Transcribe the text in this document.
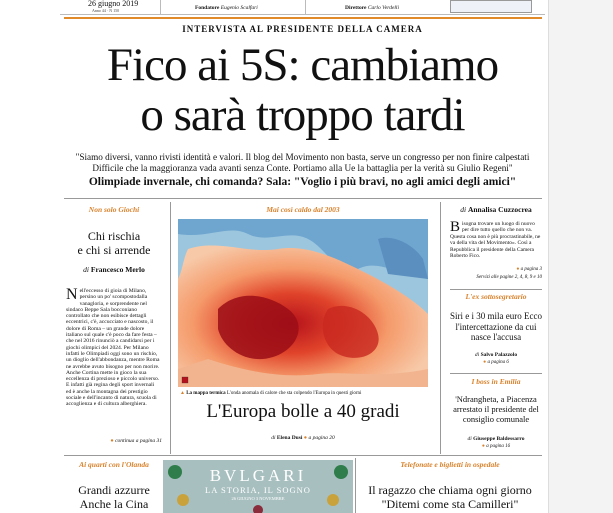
26 giugno 2019
Anno 44 · N 150	Fondatore Eugenio Scalfari	Direttore Carlo Verdelli
INTERVISTA AL PRESIDENTE DELLA CAMERA
Fico ai 5S: cambiamo
o sarà troppo tardi
"Siamo diversi, vanno rivisti identità e valori. Il blog del Movimento non basta, serve un congresso per non finire calpestati
Difficile che la maggioranza vada avanti senza Conte. Portiamo alla Ue la battaglia per la verità su Giulio Regeni"
Olimpiade invernale, chi comanda? Sala: "Voglio i più bravi, no agli amici degli amici"
Non solo Giochi
Chi rischia
e chi si arrende
di Francesco Merlo
Nell'eccesso di gioia di Milano, persino un po' scompostodalla vanagloria, e sorprendente nel sindaco Beppe Sala bocconiano controllato che non esibisce dettagli eccentrici, c'è, accucciato e nascosto, il dolore di Roma – un grande dolore italiano sul quale c'è poco da fare festa – che nel 2016 rinunciò a candidarsi per i giochi olimpici del 2024. Per Milano infatti le Olimpiadi oggi sono un rischio, un dioglio dell'abbondanza, mentre Roma ne avrebbe avuto bisogno per non morire. Anche Cortina mette in gioco la sua eccellenza di prezioso e piccolo universo. E infatti già regina degli sport invernali ed è anche la montagna dei prestigio sociale e dell'incanto di natura, scuola di accoglienza e di cultura alberghiera.
● continua a pagina 31
Mai così caldo dal 2003
▲ La mappa termica L'onda anomala di calore che sta colpendo l'Europa in questi giorni
L'Europa bolle a 40 gradi
di Elena Dusi ● a pagina 20
di Annalisa Cuzzocrea
Bisogna trovare un luogo di nuovo per dire tutto quello che non va. Questa cosa non è più procrastinabile, ne va della vita del Movimento». Così a Repubblica il presidente della Camera Roberto Fico.
● a pagina 3
Servizi alle pagine 2, 4, 8, 9 e 10
L'ex sottosegretario
Siri e i 30 mila euro Ecco l'intercettazione da cui nasce l'accusa
di Salvo Palazzolo
● a pagina 6
I boss in Emilia
'Ndrangheta, a Piacenza arrestato il presidente del consiglio comunale
di Giuseppe Baldessarro
● a pagina 16
Ai quarti con l'Olanda
Grandi azzurre
Anche la Cina
BVLGARI
LA STORIA, IL SOGNO
26 GIUGNO 3 NOVEMBRE
Telefonate e biglietti in ospedale
Il ragazzo che chiama ogni giorno
"Ditemi come sta Camilleri"
